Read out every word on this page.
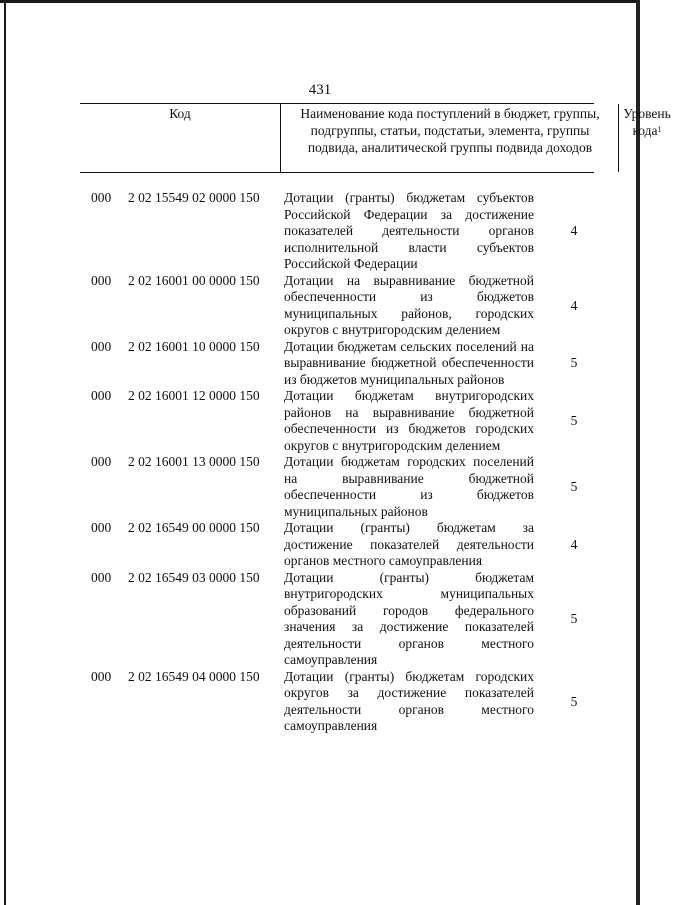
431
Код	Наименование кода поступлений в бюджет, группы, подгруппы, статьи, подстатьи, элемента, группы подвида, аналитической группы подвида доходов
Уровень кода$^1$
000 2 02 15549 02 0000 150 Дотации (гранты) бюджетам субъектов Российской Федерации за достижение показателей деятельности органов исполнительной власти субъектов Российской Федерации
4
000 2 02 16001 00 0000 150 Дотации на выравнивание бюджетной обеспеченности из бюджетов муниципальных районов, городских округов с внутригородским делением
4
000 2 02 16001 10 0000 150 Дотации бюджетам сельских поселений на выравнивание бюджетной обеспеченности из бюджетов муниципальных районов
5
000 2 02 16001 12 0000 150 Дотации бюджетам внутригородских районов на выравнивание бюджетной обеспеченности из бюджетов городских округов с внутригородским делением
5
000 2 02 16001 13 0000 150 Дотации бюджетам городских поселений на выравнивание бюджетной обеспеченности из бюджетов муниципальных районов
5
000 2 02 16549 00 0000 150 Дотации (гранты) бюджетам за достижение показателей деятельности органов местного самоуправления
4
000 2 02 16549 03 0000 150 Дотации (гранты) бюджетам внутригородских муниципальных образований городов федерального значения за достижение показателей деятельности органов местного самоуправления
5
000 2 02 16549 04 0000 150 Дотации (гранты) бюджетам городских округов за достижение показателей деятельности органов местного самоуправления
5
